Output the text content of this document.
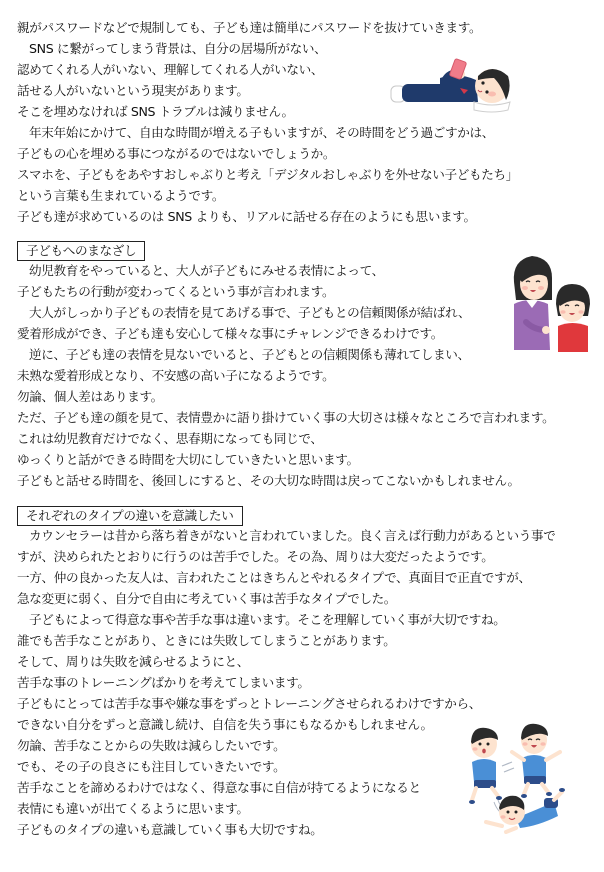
親がパスワードなどで規制しても、子ども達は簡単にパスワードを抜けていきます。
SNS に繋がってしまう背景は、自分の居場所がない、
認めてくれる人がいない、理解してくれる人がいない、
話せる人がいないという現実があります。
そこを埋めなければ SNS トラブルは減りません。
年末年始にかけて、自由な時間が増える子もいますが、その時間をどう過ごすかは、
子どもの心を埋める事につながるのではないでしょうか。
スマホを、子どもをあやすおしゃぶりと考え「デジタルおしゃぶりを外せない子どもたち」
という言葉も生まれているようです。
子ども達が求めているのは SNS よりも、リアルに話せる存在のようにも思います。
子どもへのまなざし
幼児教育をやっていると、大人が子どもにみせる表情によって、
子どもたちの行動が変わってくるという事が言われます。
大人がしっかり子どもの表情を見てあげる事で、子どもとの信頼関係が結ばれ、
愛着形成ができ、子ども達も安心して様々な事にチャレンジできるわけです。
逆に、子ども達の表情を見ないでいると、子どもとの信頼関係も薄れてしまい、
未熟な愛着形成となり、不安感の高い子になるようです。
勿論、個人差はあります。
ただ、子ども達の顔を見て、表情豊かに語り掛けていく事の大切さは様々なところで言われます。
これは幼児教育だけでなく、思春期になっても同じで、
ゆっくりと話ができる時間を大切にしていきたいと思います。
子どもと話せる時間を、後回しにすると、その大切な時間は戻ってこないかもしれません。
それぞれのタイプの違いを意識したい
カウンセラーは昔から落ち着きがないと言われていました。良く言えば行動力があるという事で
すが、決められたとおりに行うのは苦手でした。その為、周りは大変だったようです。
一方、仲の良かった友人は、言われたことはきちんとやれるタイプで、真面目で正直ですが、
急な変更に弱く、自分で自由に考えていく事は苦手なタイプでした。
子どもによって得意な事や苦手な事は違います。そこを理解していく事が大切ですね。
誰でも苦手なことがあり、ときには失敗してしまうことがあります。
そして、周りは失敗を減らせるようにと、
苦手な事のトレーニングばかりを考えてしまいます。
子どもにとっては苦手な事や嫌な事をずっとトレーニングさせられるわけですから、
できない自分をずっと意識し続け、自信を失う事にもなるかもしれません。
勿論、苦手なことからの失敗は減らしたいです。
でも、その子の良さにも注目していきたいです。
苦手なことを諦めるわけではなく、得意な事に自信が持てるようになると
表情にも違いが出てくるように思います。
子どものタイプの違いも意識していく事も大切ですね。
